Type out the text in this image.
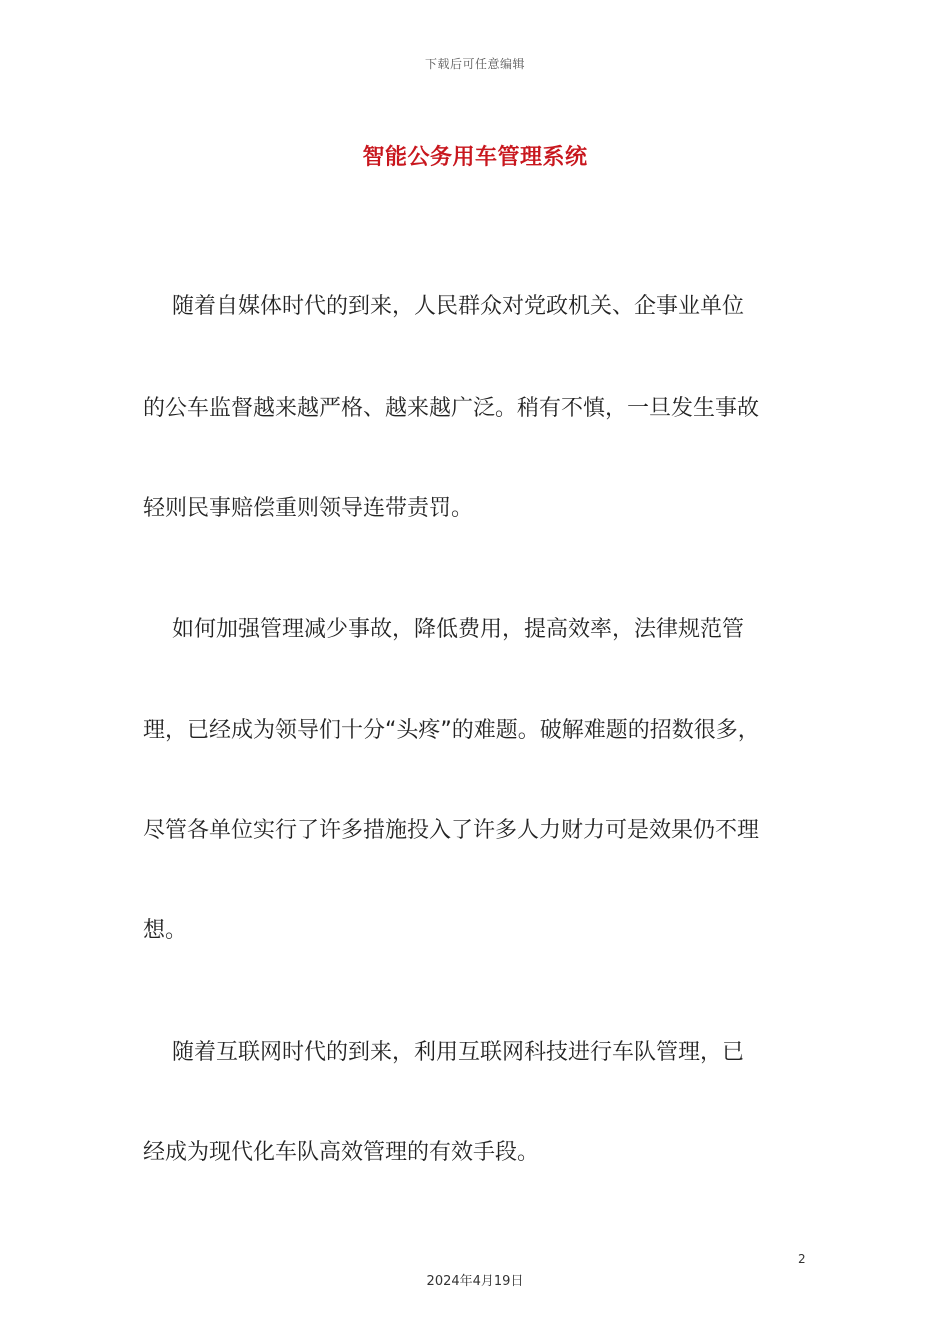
下载后可任意编辑
智能公务用车管理系统
　 随着自媒体时代的到来，人民群众对党政机关、企事业单位
的公车监督越来越严格、越来越广泛。稍有不慎，一旦发生事故
轻则民事赔偿重则领导连带责罚。
　 如何加强管理减少事故，降低费用，提高效率，法律规范管
理，已经成为领导们十分“头疼”的难题。破解难题的招数很多，
尽管各单位实行了许多措施投入了许多人力财力可是效果仍不理
想。
　 随着互联网时代的到来，利用互联网科技进行车队管理，已
经成为现代化车队高效管理的有效手段。
2
2024年4月19日
